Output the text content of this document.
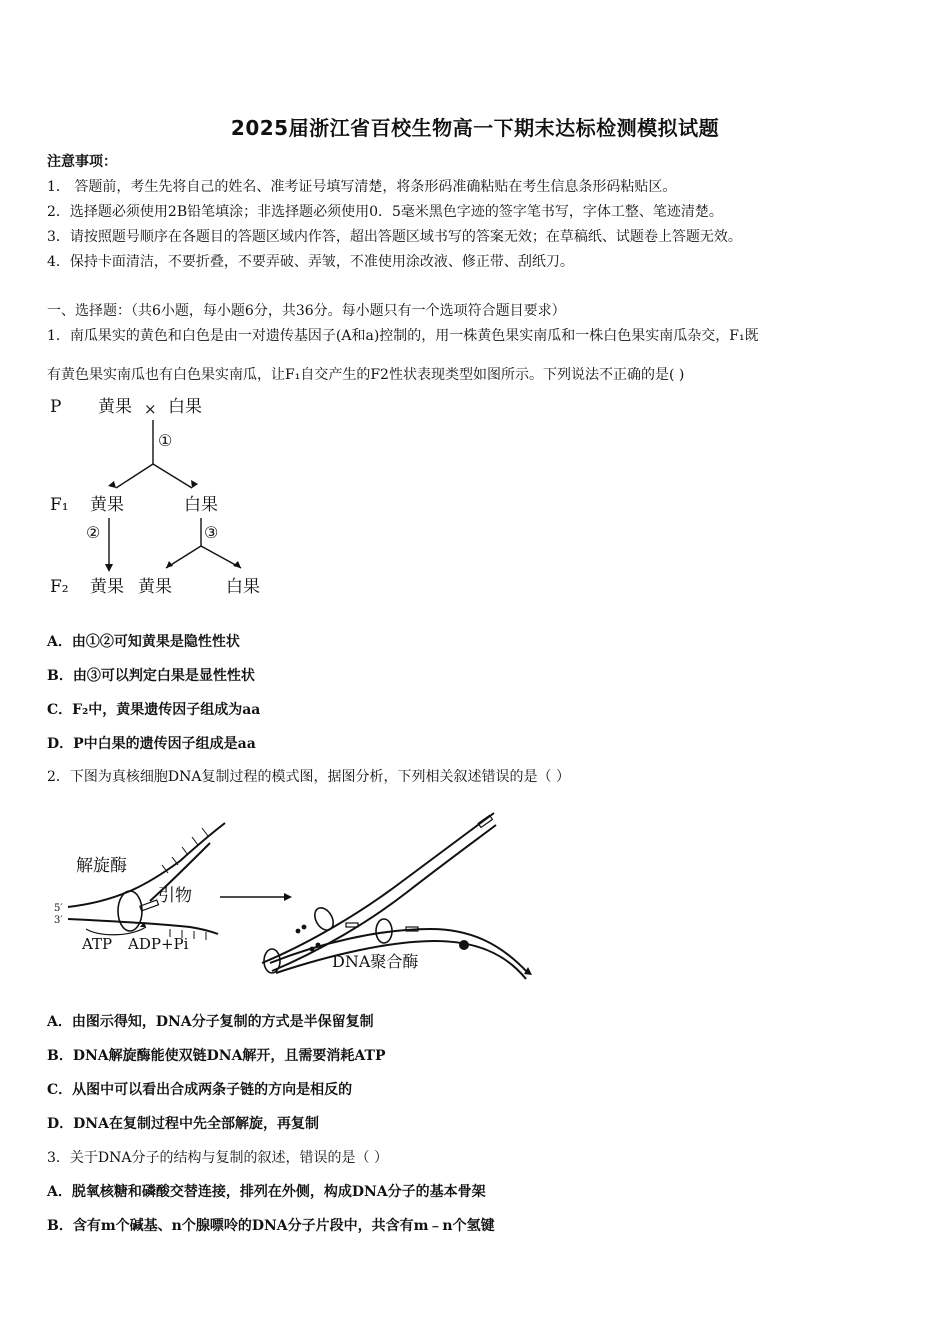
2025届浙江省百校生物高一下期末达标检测模拟试题
注意事项：
1． 答题前，考生先将自己的姓名、准考证号填写清楚，将条形码准确粘贴在考生信息条形码粘贴区。
2．选择题必须使用2B铅笔填涂；非选择题必须使用0．5毫米黑色字迹的签字笔书写，字体工整、笔迹清楚。
3．请按照题号顺序在各题目的答题区域内作答，超出答题区域书写的答案无效；在草稿纸、试题卷上答题无效。
4．保持卡面清洁，不要折叠，不要弄破、弄皱，不准使用涂改液、修正带、刮纸刀。
一、选择题：（共6小题，每小题6分，共36分。每小题只有一个选项符合题目要求）
1．南瓜果实的黄色和白色是由一对遗传基因子(A和a)控制的，用一株黄色果实南瓜和一株白色果实南瓜杂交，F₁既
有黄色果实南瓜也有白色果实南瓜，让F₁自交产生的F2性状表现类型如图所示。下列说法不正确的是( )
P 黄果 × 白果
①
F₁ 黄果	白果
②	③
F₂ 黄果 黄果	白果
A．由①②可知黄果是隐性性状
B．由③可以判定白果是显性性状
C．F₂中，黄果遗传因子组成为aa
D．P中白果的遗传因子组成是aa
2．下图为真核细胞DNA复制过程的模式图，据图分析，下列相关叙述错误的是（ ）
解旋酶
引物
5′
3′
ATP ADP+Pi
DNA聚合酶
A．由图示得知，DNA分子复制的方式是半保留复制
B．DNA解旋酶能使双链DNA解开，且需要消耗ATP
C．从图中可以看出合成两条子链的方向是相反的
D．DNA在复制过程中先全部解旋，再复制
3．关于DNA分子的结构与复制的叙述，错误的是（ ）
A．脱氧核糖和磷酸交替连接，排列在外侧，构成DNA分子的基本骨架
B．含有m个碱基、n个腺嘌呤的DNA分子片段中，共含有m﹣n个氢键
